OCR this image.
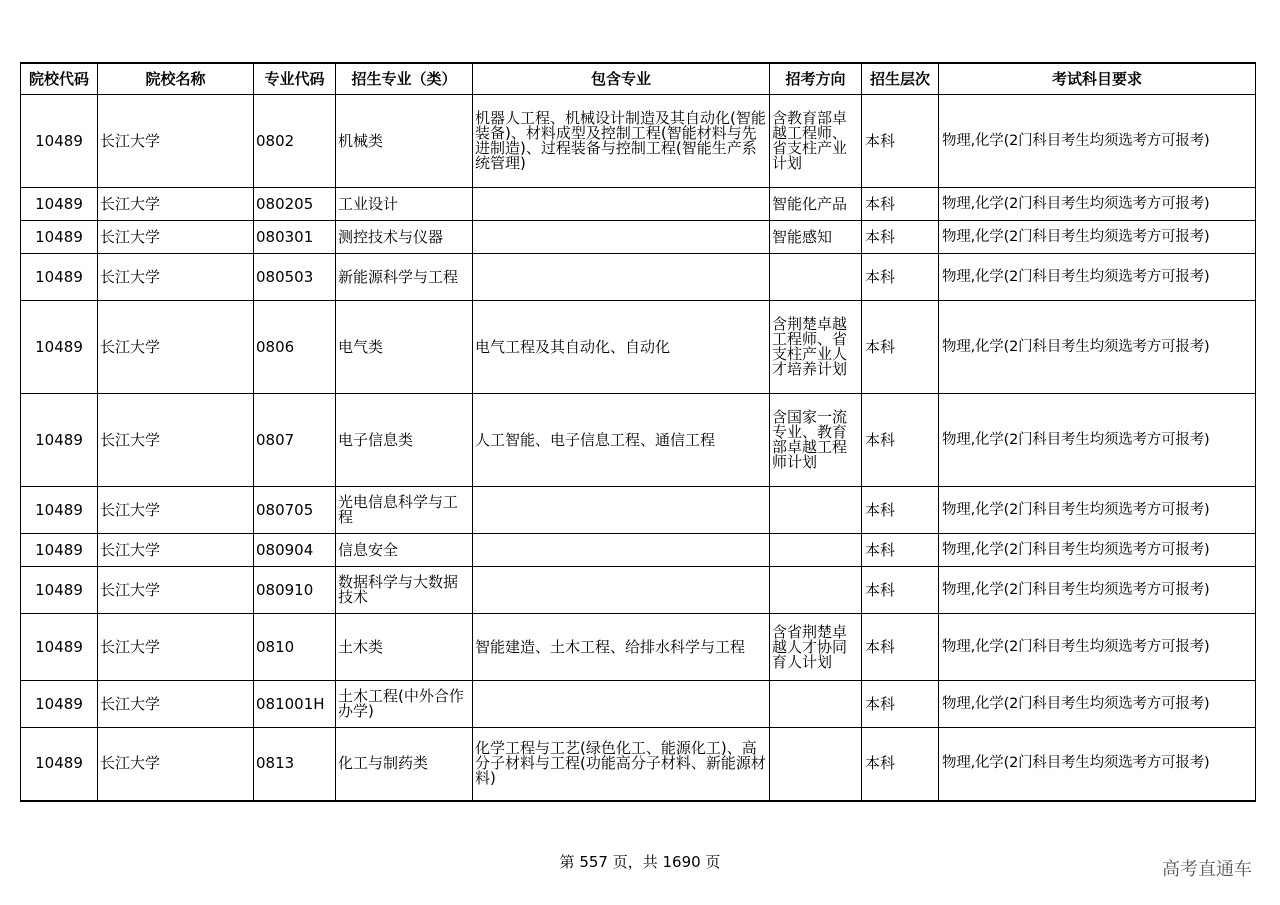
院校代码	院校名称	专业代码	招生专业（类）	包含专业	招考方向	招生层次	考试科目要求
10489	长江大学	0802	机械类	机器人工程、机械设计制造及其自动化(智能装备)、材料成型及控制工程(智能材料与先进制造)、过程装备与控制工程(智能生产系统管理)	含教育部卓越工程师、省支柱产业计划	本科	物理,化学(2门科目考生均须选考方可报考)
10489	长江大学	080205	工业设计		智能化产品	本科	物理,化学(2门科目考生均须选考方可报考)
10489	长江大学	080301	测控技术与仪器		智能感知	本科	物理,化学(2门科目考生均须选考方可报考)
10489	长江大学	080503	新能源科学与工程			本科	物理,化学(2门科目考生均须选考方可报考)
10489	长江大学	0806	电气类	电气工程及其自动化、自动化	含荆楚卓越工程师、省支柱产业人才培养计划	本科	物理,化学(2门科目考生均须选考方可报考)
10489	长江大学	0807	电子信息类	人工智能、电子信息工程、通信工程	含国家一流专业、教育部卓越工程师计划	本科	物理,化学(2门科目考生均须选考方可报考)
10489	长江大学	080705	光电信息科学与工程			本科	物理,化学(2门科目考生均须选考方可报考)
10489	长江大学	080904	信息安全			本科	物理,化学(2门科目考生均须选考方可报考)
10489	长江大学	080910	数据科学与大数据技术			本科	物理,化学(2门科目考生均须选考方可报考)
10489	长江大学	0810	土木类	智能建造、土木工程、给排水科学与工程	含省荆楚卓越人才协同育人计划	本科	物理,化学(2门科目考生均须选考方可报考)
10489	长江大学	081001H	土木工程(中外合作办学)			本科	物理,化学(2门科目考生均须选考方可报考)
10489	长江大学	0813	化工与制药类	化学工程与工艺(绿色化工、能源化工)、高分子材料与工程(功能高分子材料、新能源材料)		本科	物理,化学(2门科目考生均须选考方可报考)
第 557 页，共 1690 页	高考直通车
